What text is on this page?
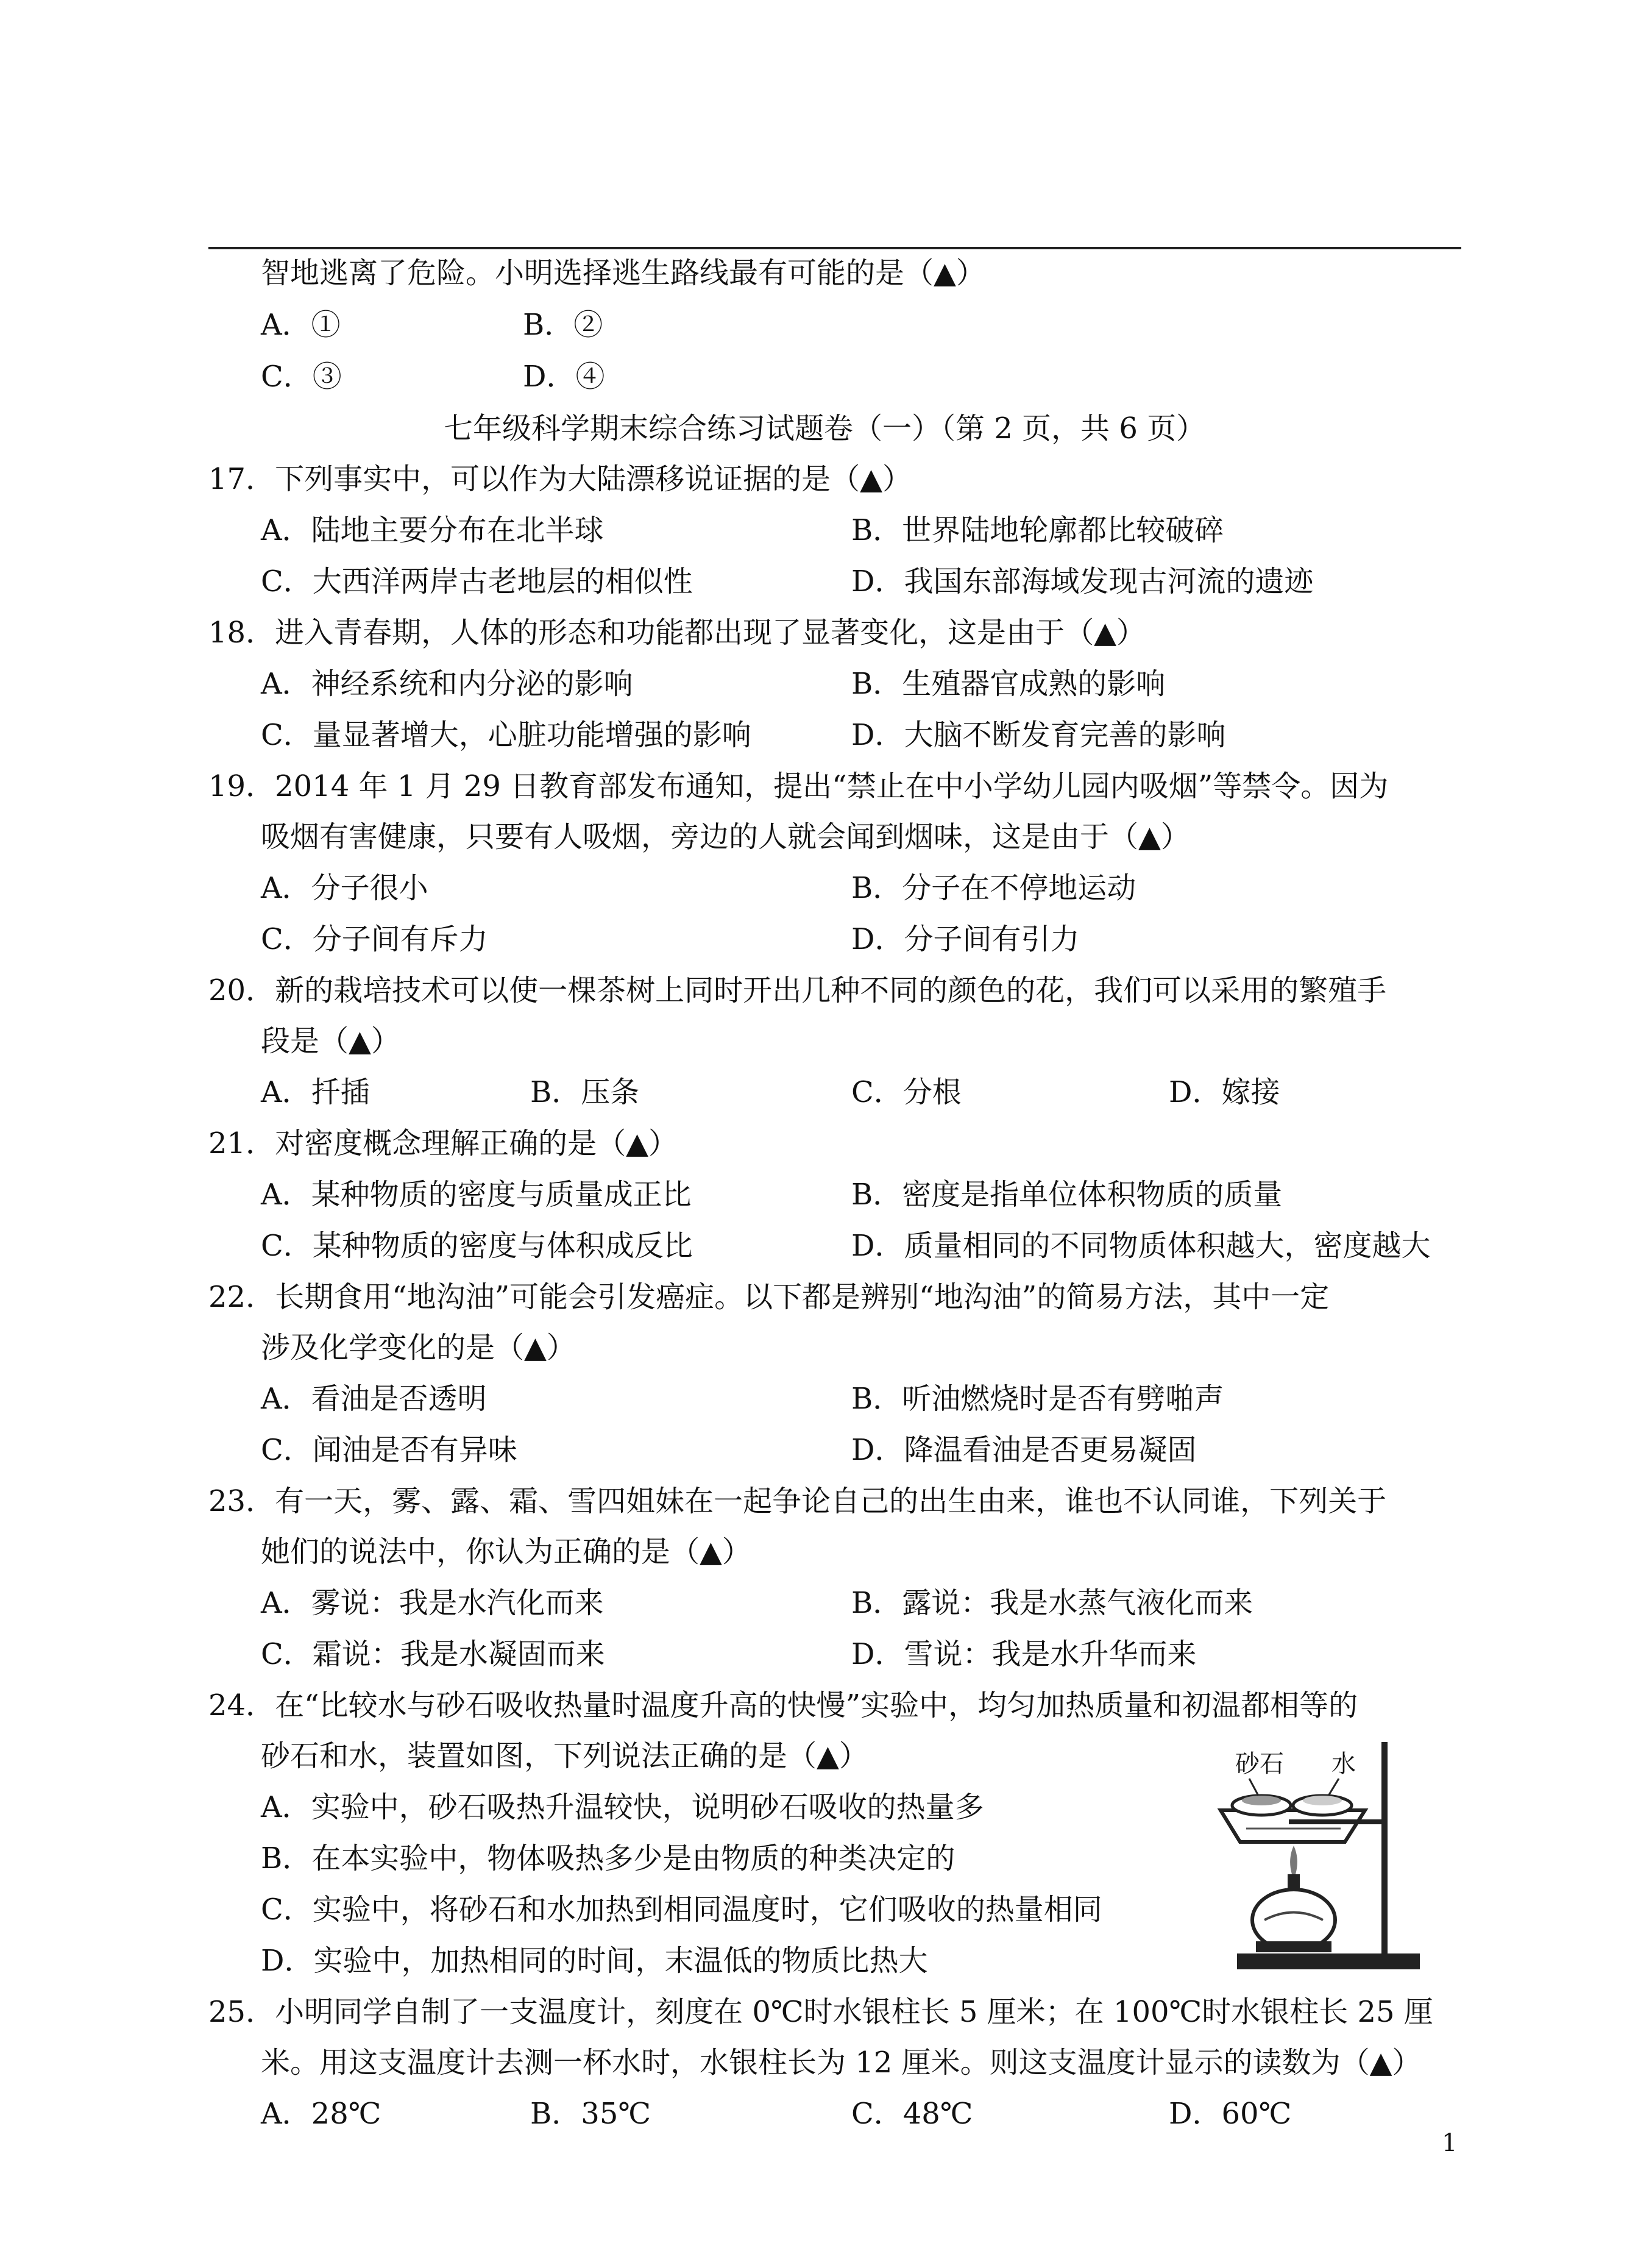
智地逃离了危险。小明选择逃生路线最有可能的是（▲）
A．①	B．②
C．③	D．④
七年级科学期末综合练习试题卷（一）（第 2 页，共 6 页）
17．下列事实中，可以作为大陆漂移说证据的是（▲）
A．陆地主要分布在北半球	B．世界陆地轮廓都比较破碎
C．大西洋两岸古老地层的相似性	D．我国东部海域发现古河流的遗迹
18．进入青春期，人体的形态和功能都出现了显著变化，这是由于（▲）
A．神经系统和内分泌的影响	B．生殖器官成熟的影响
C．量显著增大，心脏功能增强的影响	D．大脑不断发育完善的影响
19．2014 年 1 月 29 日教育部发布通知，提出“禁止在中小学幼儿园内吸烟”等禁令。因为
吸烟有害健康，只要有人吸烟，旁边的人就会闻到烟味，这是由于（▲）
A．分子很小	B．分子在不停地运动
C．分子间有斥力	D．分子间有引力
20．新的栽培技术可以使一棵茶树上同时开出几种不同的颜色的花，我们可以采用的繁殖手
段是（▲）
A．扦插	B．压条	C．分根	D．嫁接
21．对密度概念理解正确的是（▲）
A．某种物质的密度与质量成正比	B．密度是指单位体积物质的质量
C．某种物质的密度与体积成反比	D．质量相同的不同物质体积越大，密度越大
22．长期食用“地沟油”可能会引发癌症。以下都是辨别“地沟油”的简易方法，其中一定
涉及化学变化的是（▲）
A．看油是否透明	B．听油燃烧时是否有劈啪声
C．闻油是否有异味	D．降温看油是否更易凝固
23．有一天，雾、露、霜、雪四姐妹在一起争论自己的出生由来，谁也不认同谁，下列关于
她们的说法中，你认为正确的是（▲）
A．雾说：我是水汽化而来	B．露说：我是水蒸气液化而来
C．霜说：我是水凝固而来	D．雪说：我是水升华而来
24．在“比较水与砂石吸收热量时温度升高的快慢”实验中，均匀加热质量和初温都相等的
砂石和水，装置如图，下列说法正确的是（▲）
A．实验中，砂石吸热升温较快，说明砂石吸收的热量多
B．在本实验中，物体吸热多少是由物质的种类决定的
C．实验中，将砂石和水加热到相同温度时，它们吸收的热量相同
D．实验中，加热相同的时间，末温低的物质比热大
砂石 水
25．小明同学自制了一支温度计，刻度在 0℃时水银柱长 5 厘米；在 100℃时水银柱长 25 厘
米。用这支温度计去测一杯水时，水银柱长为 12 厘米。则这支温度计显示的读数为（▲）
A．28℃	B．35℃	C．48℃	D．60℃
1
